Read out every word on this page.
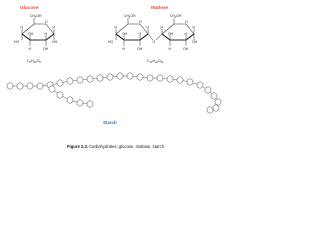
Glucose
$CH_2OH$
O
H
HO
OH
H
H
OH
H
OH
$C_6H_{12}O_6$
Maltose
$CH_2OH$	$CH_2OH$
O
O
O
H
HO
OH
H
H
OH
H	H
OH
H
H
OH
H
OH
$C_{12}H_{22}O_{11}$
Starch
Figure 2.3. Carbohydrates: glucose, maltose, starch.
